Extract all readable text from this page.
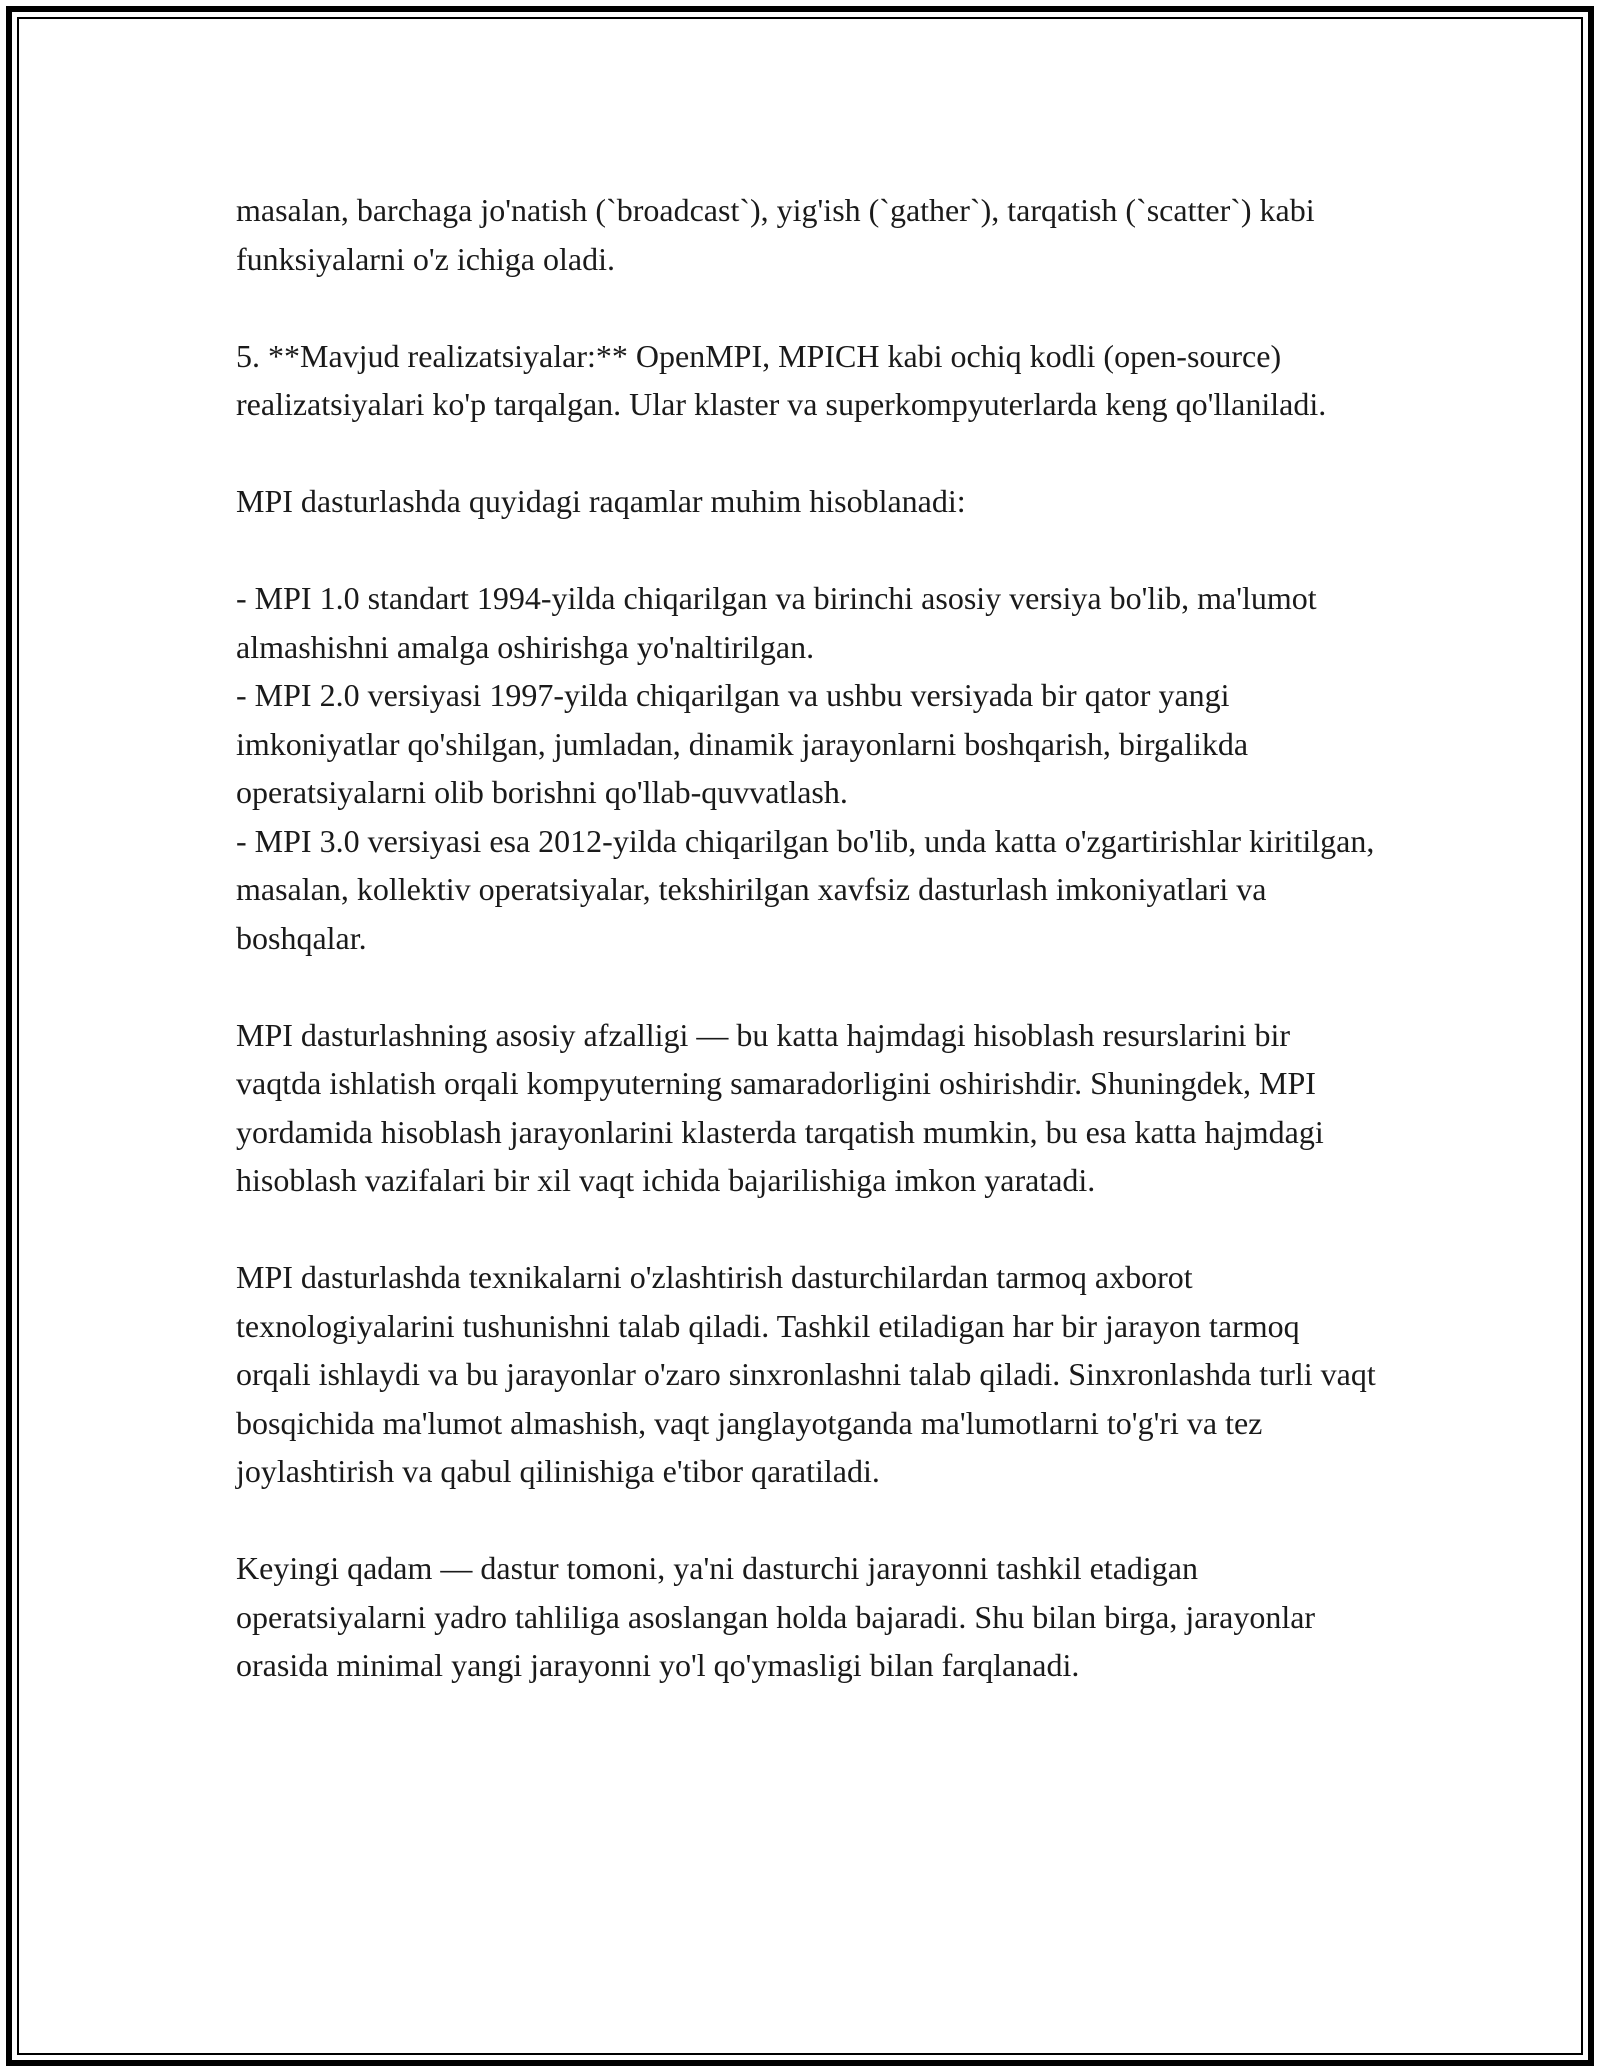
masalan, barchaga jo'natish (`broadcast`), yig'ish (`gather`), tarqatish (`scatter`) kabi funksiyalarni o'z ichiga oladi.

5. **Mavjud realizatsiyalar:** OpenMPI, MPICH kabi ochiq kodli (open-source) realizatsiyalari ko'p tarqalgan. Ular klaster va superkompyuterlarda keng qo'llaniladi.

MPI dasturlashda quyidagi raqamlar muhim hisoblanadi:

- MPI 1.0 standart 1994-yilda chiqarilgan va birinchi asosiy versiya bo'lib, ma'lumot almashishni amalga oshirishga yo'naltirilgan.

- MPI 2.0 versiyasi 1997-yilda chiqarilgan va ushbu versiyada bir qator yangi imkoniyatlar qo'shilgan, jumladan, dinamik jarayonlarni boshqarish, birgalikda operatsiyalarni olib borishni qo'llab-quvvatlash.

- MPI 3.0 versiyasi esa 2012-yilda chiqarilgan bo'lib, unda katta o'zgartirishlar kiritilgan, masalan, kollektiv operatsiyalar, tekshirilgan xavfsiz dasturlash imkoniyatlari va boshqalar.

MPI dasturlashning asosiy afzalligi — bu katta hajmdagi hisoblash resurslarini bir vaqtda ishlatish orqali kompyuterning samaradorligini oshirishdir. Shuningdek, MPI yordamida hisoblash jarayonlarini klasterda tarqatish mumkin, bu esa katta hajmdagi hisoblash vazifalari bir xil vaqt ichida bajarilishiga imkon yaratadi.

MPI dasturlashda texnikalarni o'zlashtirish dasturchilardan tarmoq axborot texnologiyalarini tushunishni talab qiladi. Tashkil etiladigan har bir jarayon tarmoq orqali ishlaydi va bu jarayonlar o'zaro sinxronlashni talab qiladi. Sinxronlashda turli vaqt bosqichida ma'lumot almashish, vaqt janglayotganda ma'lumotlarni to'g'ri va tez joylashtirish va qabul qilinishiga e'tibor qaratiladi.

Keyingi qadam — dastur tomoni, ya'ni dasturchi jarayonni tashkil etadigan operatsiyalarni yadro tahliliga asoslangan holda bajaradi. Shu bilan birga, jarayonlar orasida minimal yangi jarayonni yo'l qo'ymasligi bilan farqlanadi.
